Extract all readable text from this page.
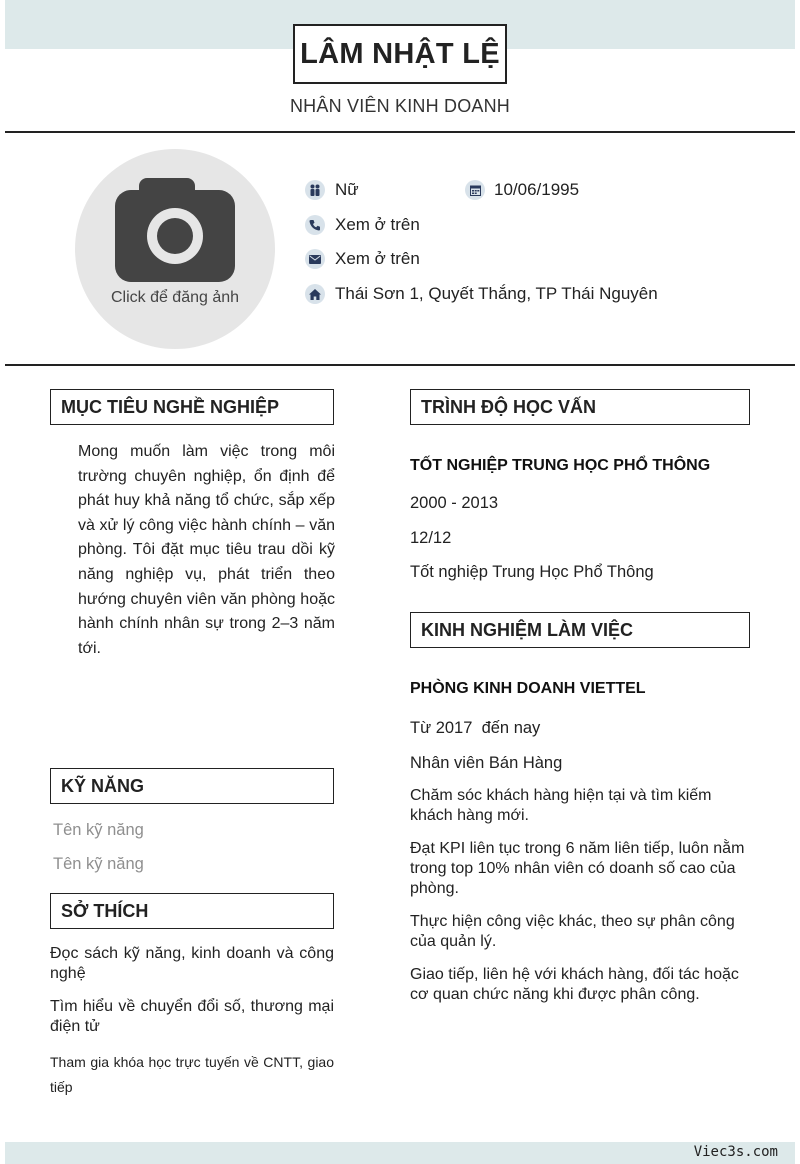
LÂM NHẬT LỆ
NHÂN VIÊN KINH DOANH
Click để đăng ảnh
Nữ	10/06/1995
Xem ở trên
Xem ở trên
Thái Sơn 1, Quyết Thắng, TP Thái Nguyên
MỤC TIÊU NGHỀ NGHIỆP
Mong muốn làm việc trong môi trường chuyên nghiệp, ổn định để phát huy khả năng tổ chức, sắp xếp và xử lý công việc hành chính – văn phòng. Tôi đặt mục tiêu trau dồi kỹ năng nghiệp vụ, phát triển theo hướng chuyên viên văn phòng hoặc hành chính nhân sự trong 2–3 năm tới.
KỸ NĂNG
Tên kỹ năng
Tên kỹ năng
SỞ THÍCH
Đọc sách kỹ năng, kinh doanh và công nghệ
Tìm hiểu về chuyển đổi số, thương mại điện tử
Tham gia khóa học trực tuyến về CNTT, giao tiếp
TRÌNH ĐỘ HỌC VẤN
TỐT NGHIỆP TRUNG HỌC PHỔ THÔNG
2000 - 2013
12/12
Tốt nghiệp Trung Học Phổ Thông
KINH NGHIỆM LÀM VIỆC
PHÒNG KINH DOANH VIETTEL
Từ 2017  đến nay
Nhân viên Bán Hàng
Chăm sóc khách hàng hiện tại và tìm kiếm khách hàng mới.
Đạt KPI liên tục trong 6 năm liên tiếp, luôn nằm trong top 10% nhân viên có doanh số cao của phòng.
Thực hiện công việc khác, theo sự phân công của quản lý.
Giao tiếp, liên hệ với khách hàng, đối tác hoặc cơ quan chức năng khi được phân công.
Viec3s.com
